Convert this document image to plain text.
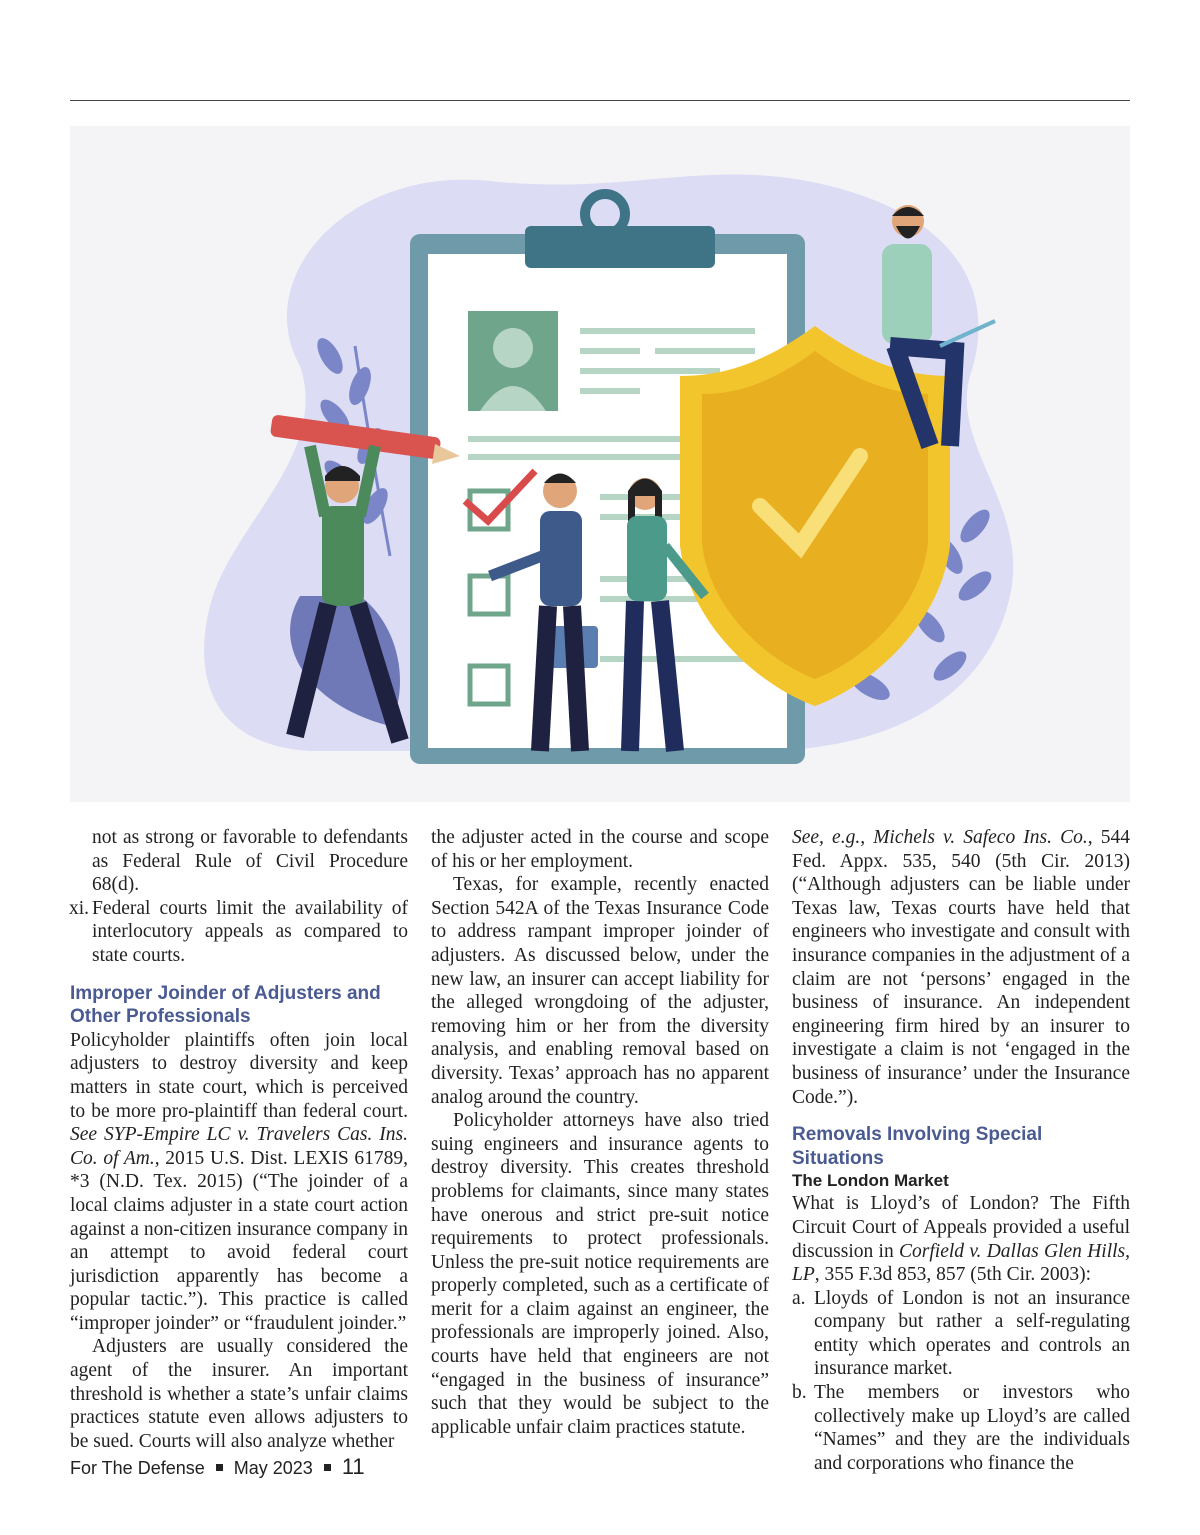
not as strong or favorable to defendants as Federal Rule of Civil Procedure 68(d).

xi. Federal courts limit the availability of interlocutory appeals as compared to state courts.

Improper Joinder of Adjusters and Other Professionals

Policyholder plaintiffs often join local adjusters to destroy diversity and keep matters in state court, which is perceived to be more pro-plaintiff than federal court. See SYP-Empire LC v. Travelers Cas. Ins. Co. of Am., 2015 U.S. Dist. LEXIS 61789, *3 (N.D. Tex. 2015) (“The joinder of a local claims adjuster in a state court action against a non-citizen insurance company in an attempt to avoid federal court jurisdiction apparently has become a popular tactic.”). This practice is called “improper joinder” or “fraudulent joinder.”

Adjusters are usually considered the agent of the insurer. An important threshold is whether a state’s unfair claims practices statute even allows adjusters to be sued. Courts will also analyze whether

the adjuster acted in the course and scope of his or her employment.

Texas, for example, recently enacted Section 542A of the Texas Insurance Code to address rampant improper joinder of adjusters. As discussed below, under the new law, an insurer can accept liability for the alleged wrongdoing of the adjuster, removing him or her from the diversity analysis, and enabling removal based on diversity. Texas’ approach has no apparent analog around the country.

Policyholder attorneys have also tried suing engineers and insurance agents to destroy diversity. This creates threshold problems for claimants, since many states have onerous and strict pre-suit notice requirements to protect professionals. Unless the pre-suit notice requirements are properly completed, such as a certificate of merit for a claim against an engineer, the professionals are improperly joined. Also, courts have held that engineers are not “engaged in the business of insurance” such that they would be subject to the applicable unfair claim practices statute.

See, e.g., Michels v. Safeco Ins. Co., 544 Fed. Appx. 535, 540 (5th Cir. 2013) (“Although adjusters can be liable under Texas law, Texas courts have held that engineers who investigate and consult with insurance companies in the adjustment of a claim are not ‘persons’ engaged in the business of insurance. An independent engineering firm hired by an insurer to investigate a claim is not ‘engaged in the business of insurance’ under the Insurance Code.”).

Removals Involving Special Situations

The London Market

What is Lloyd’s of London? The Fifth Circuit Court of Appeals provided a useful discussion in Corfield v. Dallas Glen Hills, LP, 355 F.3d 853, 857 (5th Cir. 2003):

a. Lloyds of London is not an insurance company but rather a self-regulating entity which operates and controls an insurance market.

b. The members or investors who collectively make up Lloyd’s are called “Names” and they are the individuals and corporations who finance the

For The Defense May 2023 11
